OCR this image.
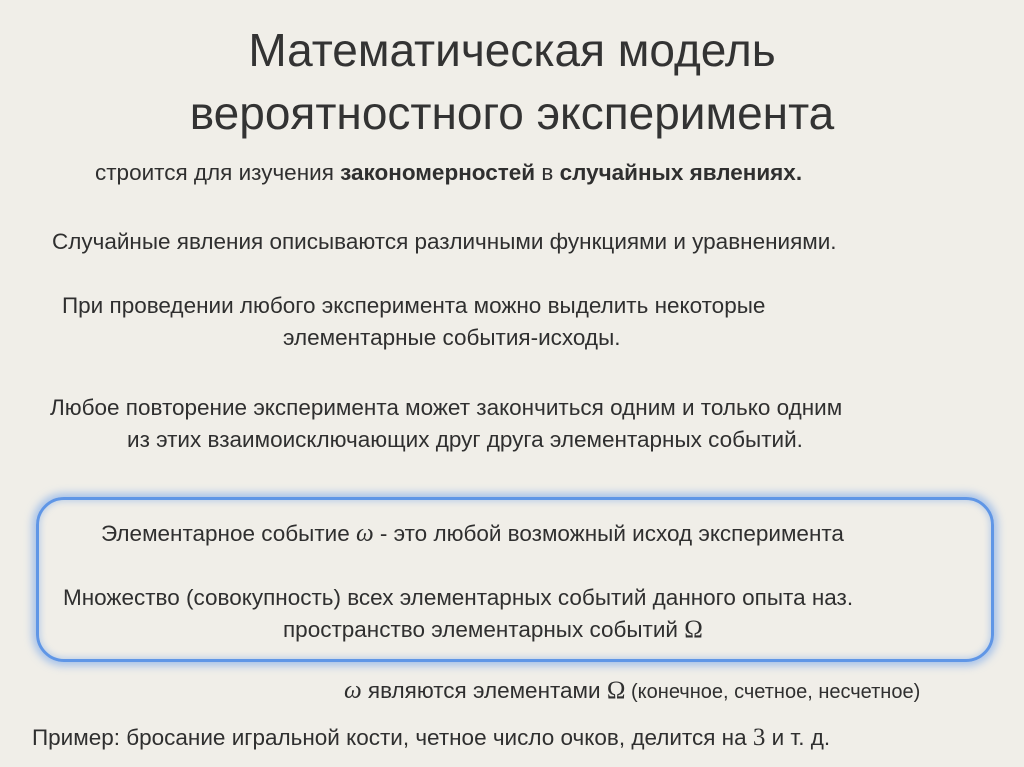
Математическая модель
вероятностного эксперимента
строится для изучения закономерностей в случайных явлениях.
Случайные явления описываются различными функциями и уравнениями.
При проведении любого эксперимента можно выделить некоторые
элементарные события-исходы.
Любое повторение эксперимента может закончиться одним и только одним
из этих взаимоисключающих друг друга элементарных событий.
Элементарное событие ω - это любой возможный исход эксперимента
Множество (совокупность) всех элементарных событий данного опыта наз.
пространство элементарных событий Ω
ω являются элементами Ω (конечное, счетное, несчетное)
Пример: бросание игральной кости, четное число очков, делится на 3 и т. д.
